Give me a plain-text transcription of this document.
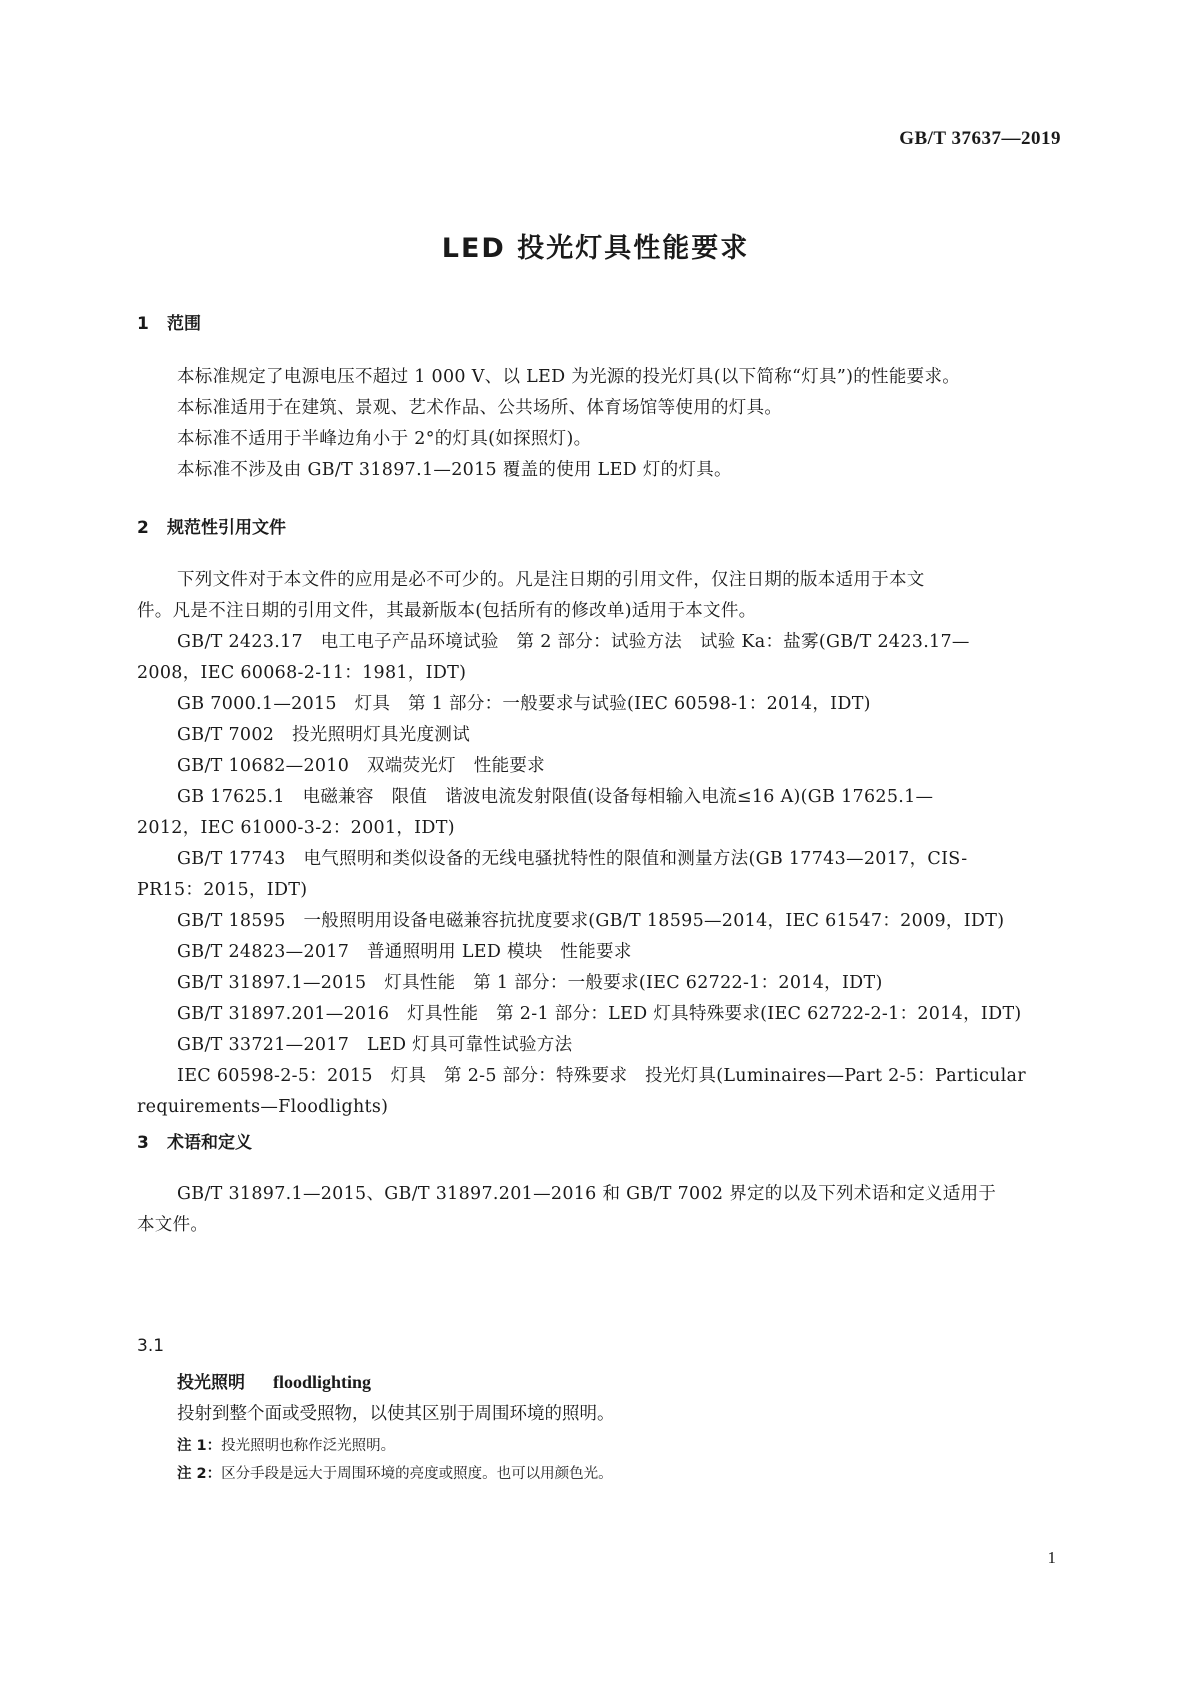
GB/T 37637—2019
LED 投光灯具性能要求
1 范围

本标准规定了电源电压不超过 1 000 V、以 LED 为光源的投光灯具(以下简称“灯具”)的性能要求。

本标准适用于在建筑、景观、艺术作品、公共场所、体育场馆等使用的灯具。

本标准不适用于半峰边角小于 2°的灯具(如探照灯)。

本标准不涉及由 GB/T 31897.1—2015 覆盖的使用 LED 灯的灯具。

2 规范性引用文件

下列文件对于本文件的应用是必不可少的。凡是注日期的引用文件，仅注日期的版本适用于本文

件。凡是不注日期的引用文件，其最新版本(包括所有的修改单)适用于本文件。

GB/T 2423.17　电工电子产品环境试验　第 2 部分：试验方法　试验 Ka：盐雾(GB/T 2423.17—

2008，IEC 60068-2-11：1981，IDT)

GB 7000.1—2015　灯具　第 1 部分：一般要求与试验(IEC 60598-1：2014，IDT)

GB/T 7002　投光照明灯具光度测试

GB/T 10682—2010　双端荧光灯　性能要求

GB 17625.1　电磁兼容　限值　谐波电流发射限值(设备每相输入电流≤16 A)(GB 17625.1—

2012，IEC 61000-3-2：2001，IDT)

GB/T 17743　电气照明和类似设备的无线电骚扰特性的限值和测量方法(GB 17743—2017，CIS-

PR15：2015，IDT)

GB/T 18595　一般照明用设备电磁兼容抗扰度要求(GB/T 18595—2014，IEC 61547：2009，IDT)

GB/T 24823—2017　普通照明用 LED 模块　性能要求

GB/T 31897.1—2015　灯具性能　第 1 部分：一般要求(IEC 62722-1：2014，IDT)

GB/T 31897.201—2016　灯具性能　第 2-1 部分：LED 灯具特殊要求(IEC 62722-2-1：2014，IDT)

GB/T 33721—2017　LED 灯具可靠性试验方法

IEC 60598-2-5：2015　灯具　第 2-5 部分：特殊要求　投光灯具(Luminaires—Part 2-5：Particular

requirements—Floodlights)

3 术语和定义

GB/T 31897.1—2015、GB/T 31897.201—2016 和 GB/T 7002 界定的以及下列术语和定义适用于

本文件。

3.1
投光照明 floodlighting
投射到整个面或受照物，以使其区别于周围环境的照明。
注 1：投光照明也称作泛光照明。
注 2：区分手段是远大于周围环境的亮度或照度。也可以用颜色光。
1
